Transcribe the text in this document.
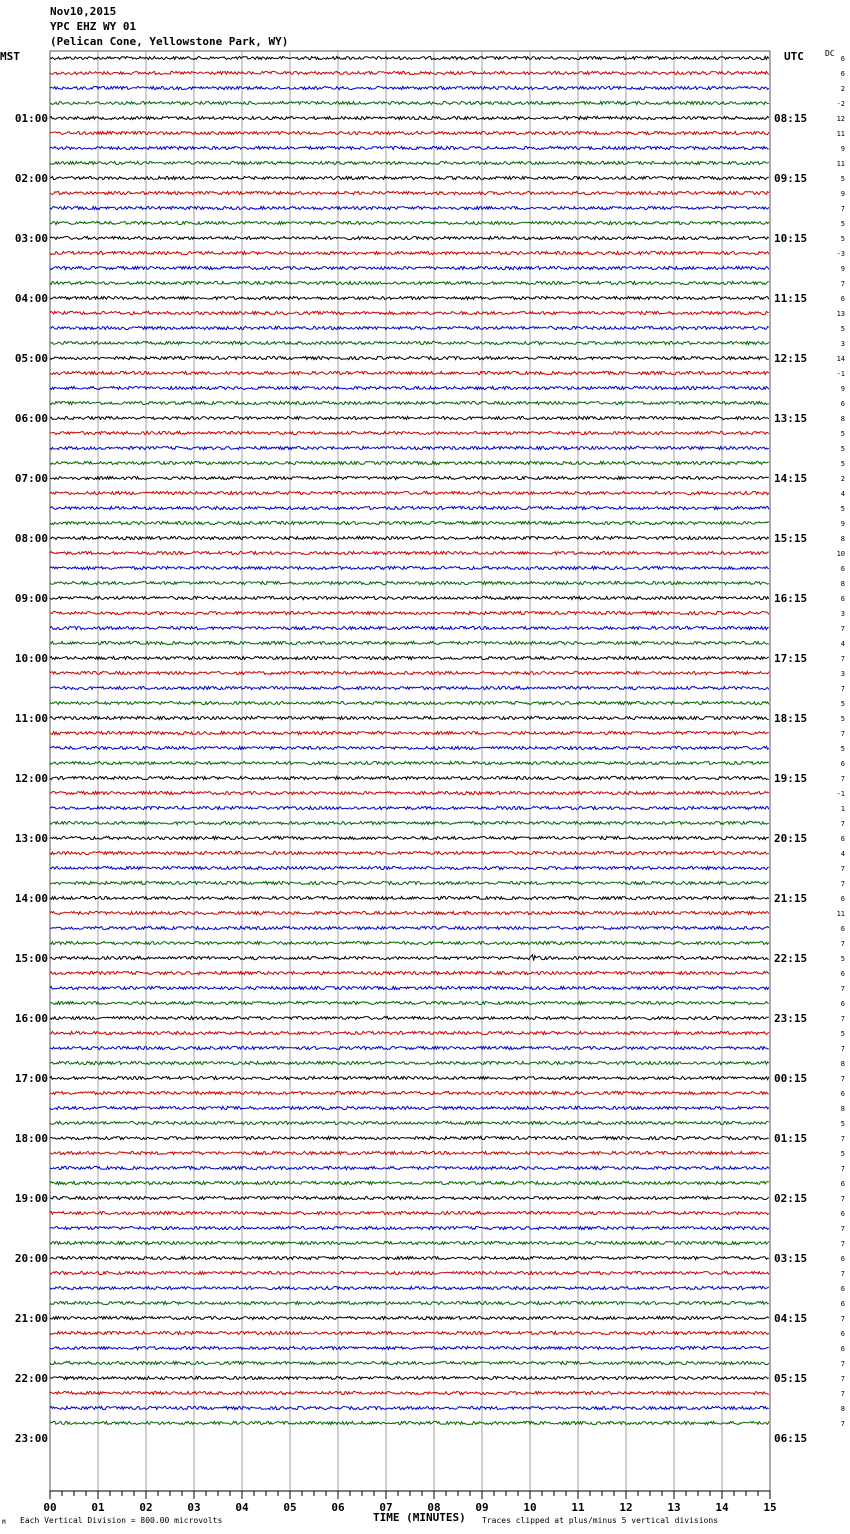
Nov10,2015
YPC EHZ WY 01
(Pelican Cone, Yellowstone Park, WY)
MST	UTC	DC
00	01	02	03	04	05	06	07	08	09	10	11	12	13	14	15
01:00
02:00
03:00
04:00
05:00
06:00
07:00
08:00
09:00
10:00
11:00
12:00
13:00
14:00
15:00
16:00
17:00
18:00
19:00
20:00
21:00
22:00
23:00
08:15
09:15
10:15
11:15
12:15
13:15
14:15
15:15
16:15
17:15
18:15
19:15
20:15
21:15
22:15
23:15
00:15
01:15
02:15
03:15
04:15
05:15
06:15
6
6
2
-2
12
11
9
11
5
9
7
5
5
-3
9
7
6
13
5
3
14
-1
9
6
8
5
5
5
2
4
5
9
8
10
6
8
6
3
7
4
7
3
7
5
5
7
5
6
7
-1
1
7
6
4
7
7
6
11
6
7
5
6
7
6
7
5
7
8
7
6
8
5
7
5
7
6
7
6
7
7
6
7
6
6
7
6
6
7
7
7
8
7
TIME (MINUTES)
Each Vertical Division = 800.00 microvolts	Traces clipped at plus/minus 5 vertical divisions
M
